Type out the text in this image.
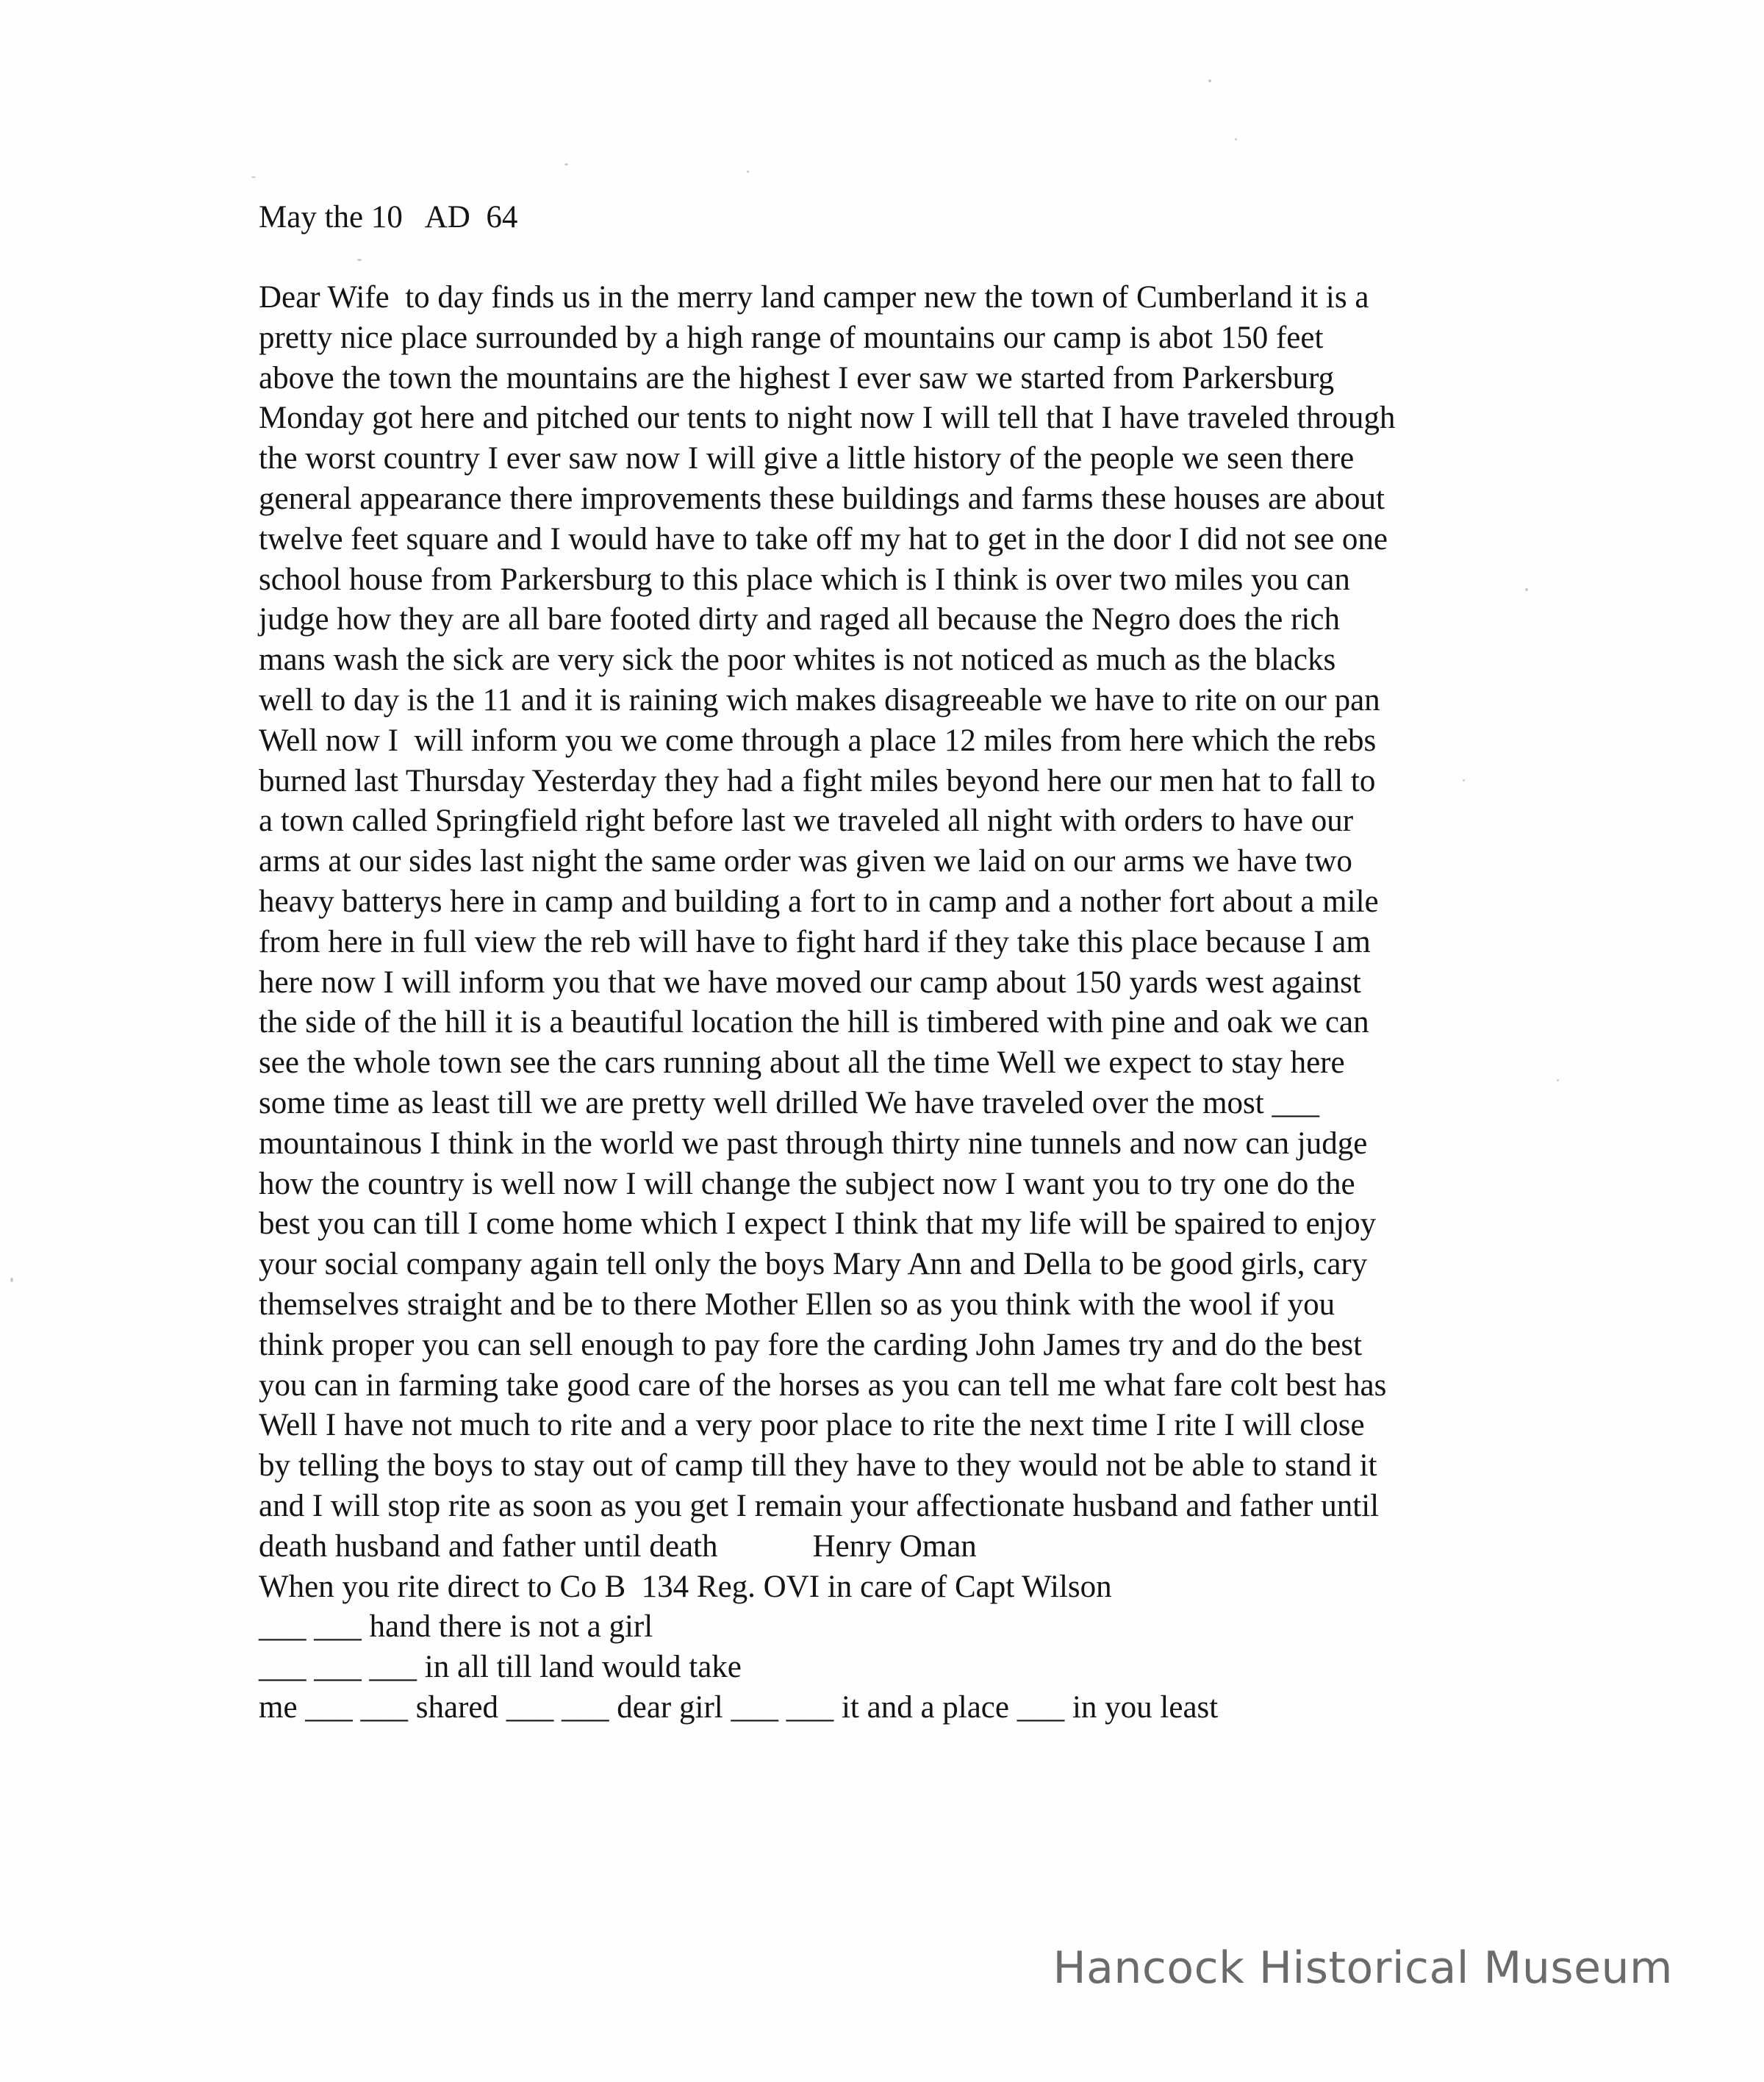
May the 10   AD  64
Dear Wife  to day finds us in the merry land camper new the town of Cumberland it is a
pretty nice place surrounded by a high range of mountains our camp is abot 150 feet
above the town the mountains are the highest I ever saw we started from Parkersburg
Monday got here and pitched our tents to night now I will tell that I have traveled through
the worst country I ever saw now I will give a little history of the people we seen there
general appearance there improvements these buildings and farms these houses are about
twelve feet square and I would have to take off my hat to get in the door I did not see one
school house from Parkersburg to this place which is I think is over two miles you can
judge how they are all bare footed dirty and raged all because the Negro does the rich
mans wash the sick are very sick the poor whites is not noticed as much as the blacks
well to day is the 11 and it is raining wich makes disagreeable we have to rite on our pan
Well now I  will inform you we come through a place 12 miles from here which the rebs
burned last Thursday Yesterday they had a fight miles beyond here our men hat to fall to
a town called Springfield right before last we traveled all night with orders to have our
arms at our sides last night the same order was given we laid on our arms we have two
heavy batterys here in camp and building a fort to in camp and a nother fort about a mile
from here in full view the reb will have to fight hard if they take this place because I am
here now I will inform you that we have moved our camp about 150 yards west against
the side of the hill it is a beautiful location the hill is timbered with pine and oak we can
see the whole town see the cars running about all the time Well we expect to stay here
some time as least till we are pretty well drilled We have traveled over the most ___
mountainous I think in the world we past through thirty nine tunnels and now can judge
how the country is well now I will change the subject now I want you to try one do the
best you can till I come home which I expect I think that my life will be spaired to enjoy
your social company again tell only the boys Mary Ann and Della to be good girls, cary
themselves straight and be to there Mother Ellen so as you think with the wool if you
think proper you can sell enough to pay fore the carding John James try and do the best
you can in farming take good care of the horses as you can tell me what fare colt best has
Well I have not much to rite and a very poor place to rite the next time I rite I will close
by telling the boys to stay out of camp till they have to they would not be able to stand it
and I will stop rite as soon as you get I remain your affectionate husband and father until
death husband and father until death            Henry Oman
When you rite direct to Co B  134 Reg. OVI in care of Capt Wilson
___ ___ hand there is not a girl
___ ___ ___ in all till land would take
me ___ ___ shared ___ ___ dear girl ___ ___ it and a place ___ in you least
Hancock Historical Museum
